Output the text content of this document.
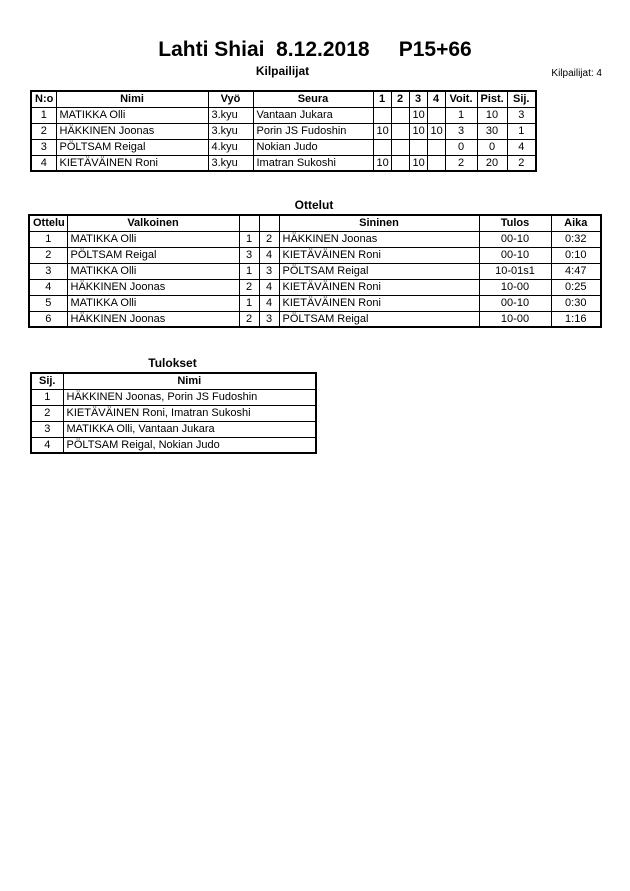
Lahti Shiai  8.12.2018     P15+66
Kilpailijat: 4
Kilpailijat
N:o	Nimi	Vyö	Seura	1	2	3	4	Voit.	Pist.	Sij.
1	MATIKKA Olli	3.kyu	Vantaan Jukara			10		1	10	3
2	HÄKKINEN Joonas	3.kyu	Porin JS Fudoshin	10		10	10	3	30	1
3	PÖLTSAM Reigal	4.kyu	Nokian Judo					0	0	4
4	KIETÄVÄINEN Roni	3.kyu	Imatran Sukoshi	10		10		2	20	2
Ottelut
Ottelu	Valkoinen			Sininen	Tulos	Aika
1	MATIKKA Olli	1	2	HÄKKINEN Joonas	00-10	0:32
2	PÖLTSAM Reigal	3	4	KIETÄVÄINEN Roni	00-10	0:10
3	MATIKKA Olli	1	3	PÖLTSAM Reigal	10-01s1	4:47
4	HÄKKINEN Joonas	2	4	KIETÄVÄINEN Roni	10-00	0:25
5	MATIKKA Olli	1	4	KIETÄVÄINEN Roni	00-10	0:30
6	HÄKKINEN Joonas	2	3	PÖLTSAM Reigal	10-00	1:16
Tulokset
Sij.	Nimi
1	HÄKKINEN Joonas, Porin JS Fudoshin
2	KIETÄVÄINEN Roni, Imatran Sukoshi
3	MATIKKA Olli, Vantaan Jukara
4	PÖLTSAM Reigal, Nokian Judo
